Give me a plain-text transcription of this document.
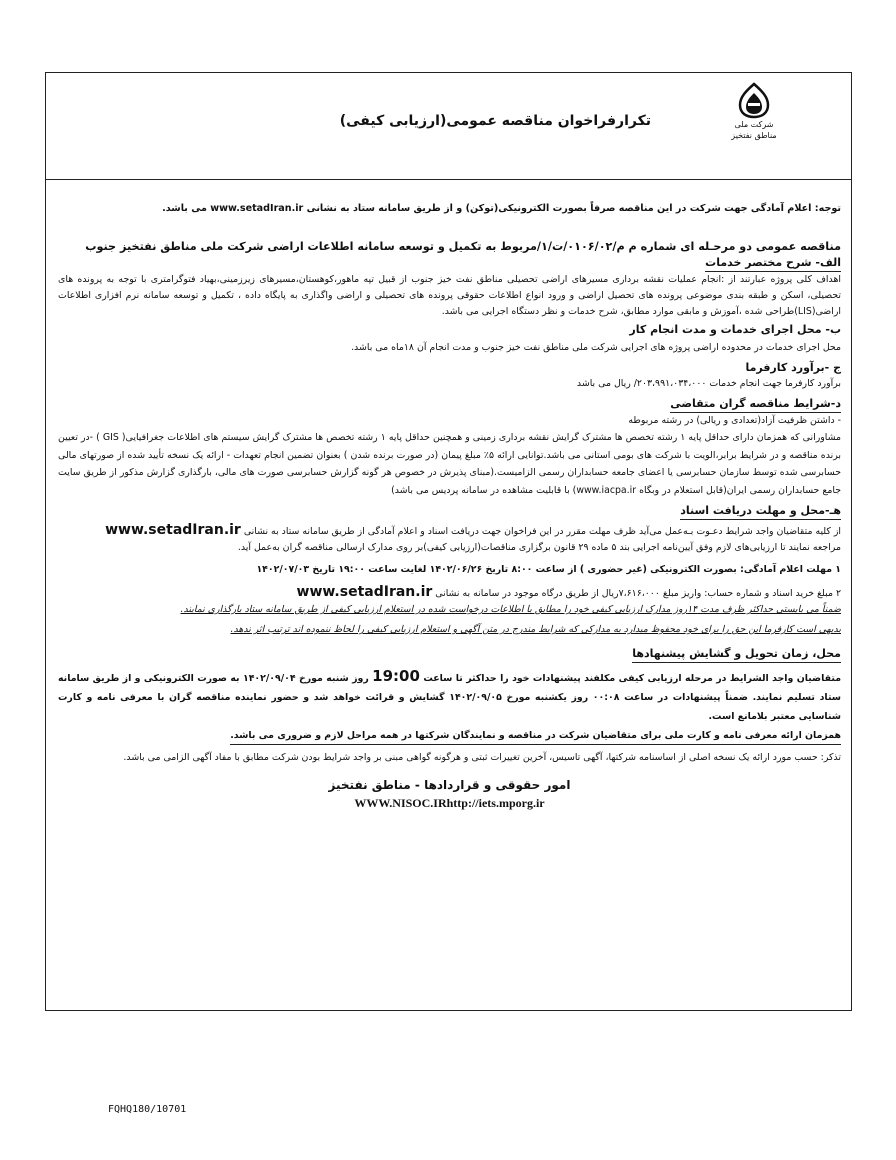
شرکت ملی
مناطق نفتخیز
تکرارفراخوان مناقصه عمومی(ارزیابی کیفی)

توجه: اعلام آمادگی جهت شرکت در این مناقصه صرفاً بصورت الکترونیکی(توکن) و از طریق سامانه ستاد به نشانی www.setadIran.ir می باشد.

مناقصه عمومی دو مرحـله ای شماره م م/۰۱۰۶/۰۲/ت/۱/مربوط به تکمیل و توسعه سامانه اطلاعات اراضی شرکت ملی مناطق نفتخیز جنوب

الف- شرح مختصر خدمات

اهداف کلی پروژه عبارتند از :انجام عملیات نقشه برداری مسیرهای اراضی تحصیلی مناطق نفت خیز جنوب از قبیل تپه ماهور،کوهستان،مسیرهای زیرزمینی،بهیاد فتوگرامتری با توجه به پرونده های تحصیلی، اسکن و طبقه بندی موضوعی پرونده های تحصیل اراضی و ورود انواع اطلاعات حقوقی پرونده های تحصیلی و اراضی واگذاری به پایگاه داده ، تکمیل و توسعه سامانه نرم افزاری اطلاعات اراضی(LIS)طراحی شده ،آموزش و مابقی موارد مطابق، شرح خدمات و نظر دستگاه اجرایی می باشد.

ب- محل اجرای خدمات و مدت انجام کار

محل اجرای خدمات در محدوده اراضی پروژه های اجرایی شرکت ملی مناطق نفت خیز جنوب و مدت انجام آن ۱۸ماه می باشد.

ج -برآورد کارفرما

برآورد کارفرما جهت انجام خدمات ۲۰۳،۹۹۱،۰۳۴،۰۰۰/ ریال می باشد

د-شرایط مناقصه گران متقاضی

- داشتن ظرفیت آزاد(تعدادی و ریالی) در رشته مربوطه

مشاورانی که همزمان دارای حداقل پایه ۱ رشته تخصص ها مشترک گرایش نقشه برداری زمینی و همچنین حداقل پایه ۱ رشته تخصص ها مشترک گرایش سیستم های اطلاعات جغرافیایی( GIS ) -در تعیین برنده مناقصه و در شرایط برابر،الویت با شرکت های بومی استانی می باشد.توانایی ارائه ۵٪ مبلغ پیمان (در صورت برنده شدن ) بعنوان تضمین انجام تعهدات - ارائه یک نسخه تأیید شده از صورتهای مالی حسابرسی شده توسط سازمان حسابرسی یا اعضای جامعه حسابداران رسمی الزامیست.(مبنای پذیرش در خصوص هر گونه گزارش حسابرسی صورت های مالی، بارگذاری گزارش مذکور از طریق سایت جامع حسابداران رسمی ایران(قابل استعلام در وبگاه www.iacpa.ir) با قابلیت مشاهده در سامانه پردیس می باشد)

هـ-محل و مهلت دریافت اسناد

از کلیه متقاضیان واجد شرایط دعـوت بـه‌عمل می‌آید ظرف مهلت مقرر در این فراخوان جهت دریافت اسناد و اعلام آمادگی از طریق سامانه ستاد به نشانی www.setadIran.ir

مراجعه نمایند تا ارزیابی‌های لازم وفق آیین‌نامه اجرایی بند ۵ ماده ۲۹ قانون برگزاری مناقصات(ارزیابی کیفی)بر روی مدارک ارسالی مناقصه گران به‌عمل آید.

۱ مهلت اعلام آمادگی: بصورت الکترونیکی (غیر حضوری ) از ساعت ۸:۰۰ تاریخ ۱۴۰۲/۰۶/۲۶ لغایت ساعت ۱۹:۰۰ تاریخ ۱۴۰۲/۰۷/۰۳

۲ مبلغ خرید اسناد و شماره حساب: واریز مبلغ ۷،۶۱۶،۰۰۰ریال از طریق درگاه موجود در سامانه به نشانی www.setadIran.ir

ضمناً می بایستی حداکثر ظرف مدت ۱۴روز مدارک ارزیابی کیفی خود را مطابق با اطلاعات درخواست شده در استعلام ارزیابی کیفی از طریق سامانه ستاد بارگذاری نمایند.

بدیهی است کارفرما این حق را برای خود محفوظ میدارد به مدارکی که شرایط مندرج در متن آگهی و استعلام ارزیابی کیفی را لحاظ ننموده اند ترتیب اثر ندهد.

محل، زمان تحویل و گشایش پیشنهادها

متقاضیان واجد الشرایط در مرحله ارزیابی کیفی مکلفند پیشنهادات خود را حداکثر تا ساعت 19:00 روز شنبه مورخ ۱۴۰۲/۰۹/۰۴ به صورت الکترونیکی و از طریق سامانه ستاد تسلیم نمایند. ضمناً پیشنهادات در ساعت ۰۰:۰۸ روز یکشنبه مورخ ۱۴۰۲/۰۹/۰۵ گشایش و قرائت خواهد شد و حضور نماینده مناقصه گران با معرفی نامه و کارت شناسایی معتبر بلامانع است.

همزمان ارائه معرفی نامه و کارت ملی برای متقاضیان شرکت در مناقصه و نمایندگان شرکتها در همه مراحل لازم و ضروری می باشد.

تذکر: حسب مورد ارائه یک نسخه اصلی از اساسنامه شرکتها، آگهی تاسیس، آخرین تغییرات ثبتی و هرگونه گواهی مبنی بر واجد شرایط بودن شرکت مطابق با مفاد آگهی الزامی می باشد.

امور حقوقی و قراردادها - مناطق نفتخیز

WWW.NISOC.IRhttp://iets.mporg.ir

FQHQ180/10701
